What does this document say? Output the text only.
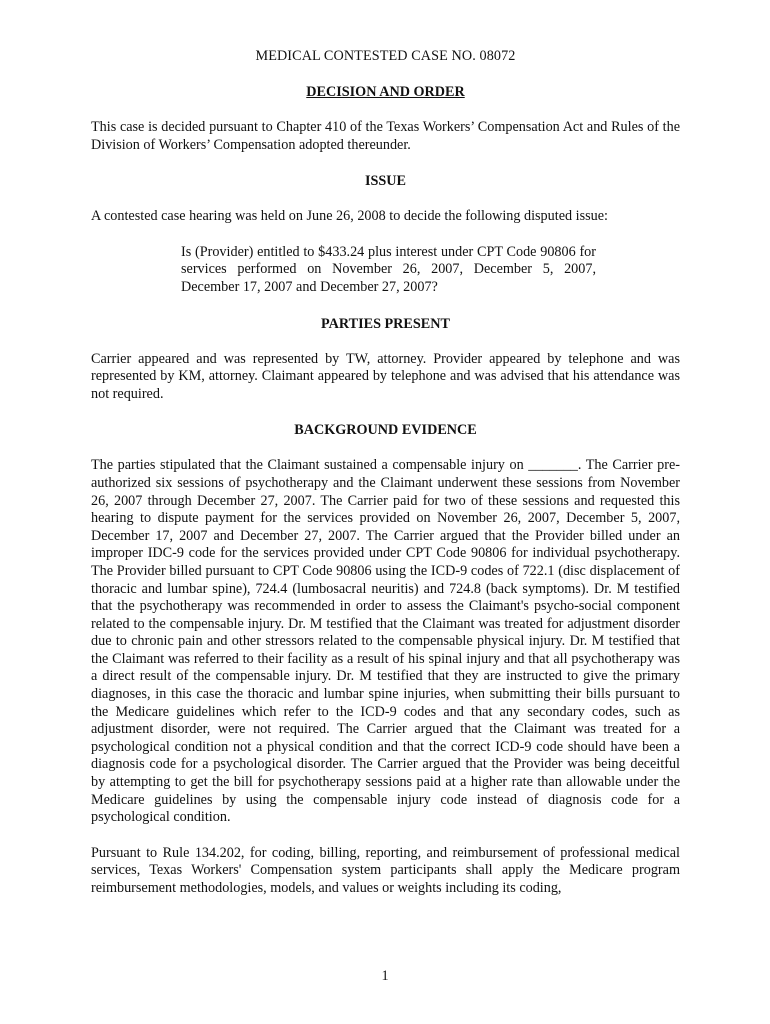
MEDICAL CONTESTED CASE NO. 08072

DECISION AND ORDER

This case is decided pursuant to Chapter 410 of the Texas Workers’ Compensation Act and Rules of the Division of Workers’ Compensation adopted thereunder.

ISSUE

A contested case hearing was held on June 26, 2008 to decide the following disputed issue:

Is (Provider) entitled to $433.24 plus interest under CPT Code 90806 for services performed on November 26, 2007, December 5, 2007, December 17, 2007 and December 27, 2007?

PARTIES PRESENT

Carrier appeared and was represented by TW, attorney. Provider appeared by telephone and was represented by KM, attorney. Claimant appeared by telephone and was advised that his attendance was not required.

BACKGROUND EVIDENCE

The parties stipulated that the Claimant sustained a compensable injury on _______. The Carrier pre-authorized six sessions of psychotherapy and the Claimant underwent these sessions from November 26, 2007 through December 27, 2007. The Carrier paid for two of these sessions and requested this hearing to dispute payment for the services provided on November 26, 2007, December 5, 2007, December 17, 2007 and December 27, 2007. The Carrier argued that the Provider billed under an improper IDC-9 code for the services provided under CPT Code 90806 for individual psychotherapy. The Provider billed pursuant to CPT Code 90806 using the ICD-9 codes of 722.1 (disc displacement of thoracic and lumbar spine), 724.4 (lumbosacral neuritis) and 724.8 (back symptoms). Dr. M testified that the psychotherapy was recommended in order to assess the Claimant's psycho-social component related to the compensable injury. Dr. M testified that the Claimant was treated for adjustment disorder due to chronic pain and other stressors related to the compensable physical injury. Dr. M testified that the Claimant was referred to their facility as a result of his spinal injury and that all psychotherapy was a direct result of the compensable injury. Dr. M testified that they are instructed to give the primary diagnoses, in this case the thoracic and lumbar spine injuries, when submitting their bills pursuant to the Medicare guidelines which refer to the ICD-9 codes and that any secondary codes, such as adjustment disorder, were not required. The Carrier argued that the Claimant was treated for a psychological condition not a physical condition and that the correct ICD-9 code should have been a diagnosis code for a psychological disorder. The Carrier argued that the Provider was being deceitful by attempting to get the bill for psychotherapy sessions paid at a higher rate than allowable under the Medicare guidelines by using the compensable injury code instead of diagnosis code for a psychological condition.

Pursuant to Rule 134.202, for coding, billing, reporting, and reimbursement of professional medical services, Texas Workers' Compensation system participants shall apply the Medicare program reimbursement methodologies, models, and values or weights including its coding,

1
